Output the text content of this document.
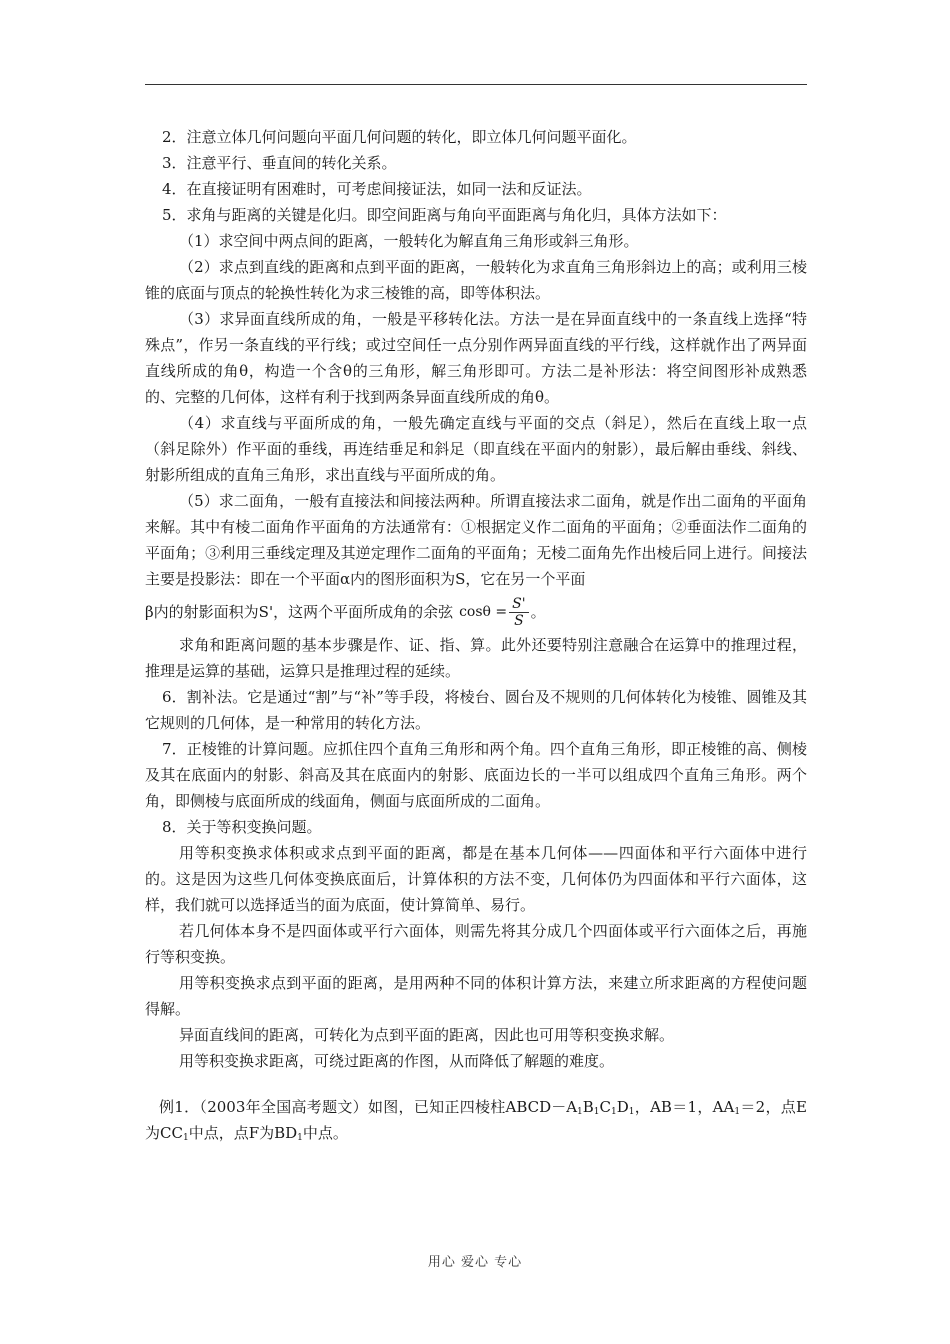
2．注意立体几何问题向平面几何问题的转化，即立体几何问题平面化。

3．注意平行、垂直间的转化关系。

4．在直接证明有困难时，可考虑间接证法，如同一法和反证法。

5．求角与距离的关键是化归。即空间距离与角向平面距离与角化归，具体方法如下：

（1）求空间中两点间的距离，一般转化为解直角三角形或斜三角形。

（2）求点到直线的距离和点到平面的距离，一般转化为求直角三角形斜边上的高；或利用三棱锥的底面与顶点的轮换性转化为求三棱锥的高，即等体积法。

（3）求异面直线所成的角，一般是平移转化法。方法一是在异面直线中的一条直线上选择“特殊点”，作另一条直线的平行线；或过空间任一点分别作两异面直线的平行线，这样就作出了两异面直线所成的角θ，构造一个含θ的三角形，解三角形即可。方法二是补形法：将空间图形补成熟悉的、完整的几何体，这样有利于找到两条异面直线所成的角θ。

（4）求直线与平面所成的角，一般先确定直线与平面的交点（斜足），然后在直线上取一点（斜足除外）作平面的垂线，再连结垂足和斜足（即直线在平面内的射影），最后解由垂线、斜线、射影所组成的直角三角形，求出直线与平面所成的角。

（5）求二面角，一般有直接法和间接法两种。所谓直接法求二面角，就是作出二面角的平面角来解。其中有棱二面角作平面角的方法通常有：①根据定义作二面角的平面角；②垂面法作二面角的平面角；③利用三垂线定理及其逆定理作二面角的平面角；无棱二面角先作出棱后同上进行。间接法主要是投影法：即在一个平面α内的图形面积为S，它在另一个平面

β内的射影面积为S'，这两个平面所成角的余弦 $\cos\theta = \frac{S'}{S}$ 。

求角和距离问题的基本步骤是作、证、指、算。此外还要特别注意融合在运算中的推理过程，推理是运算的基础，运算只是推理过程的延续。

6．割补法。它是通过“割”与“补”等手段，将棱台、圆台及不规则的几何体转化为棱锥、圆锥及其它规则的几何体，是一种常用的转化方法。

7．正棱锥的计算问题。应抓住四个直角三角形和两个角。四个直角三角形，即正棱锥的高、侧棱及其在底面内的射影、斜高及其在底面内的射影、底面边长的一半可以组成四个直角三角形。两个角，即侧棱与底面所成的线面角，侧面与底面所成的二面角。

8．关于等积变换问题。

用等积变换求体积或求点到平面的距离，都是在基本几何体——四面体和平行六面体中进行的。这是因为这些几何体变换底面后，计算体积的方法不变，几何体仍为四面体和平行六面体，这样，我们就可以选择适当的面为底面，使计算简单、易行。

若几何体本身不是四面体或平行六面体，则需先将其分成几个四面体或平行六面体之后，再施行等积变换。

用等积变换求点到平面的距离，是用两种不同的体积计算方法，来建立所求距离的方程使问题得解。

异面直线间的距离，可转化为点到平面的距离，因此也可用等积变换求解。

用等积变换求距离，可绕过距离的作图，从而降低了解题的难度。

例1．（2003年全国高考题文）如图，已知正四棱柱$ABCD-A_1B_1C_1D_1$，AB＝1，$AA_1=2$，点E为$CC_1$中点，点F为$BD_1$中点。

用心 爱心 专心
